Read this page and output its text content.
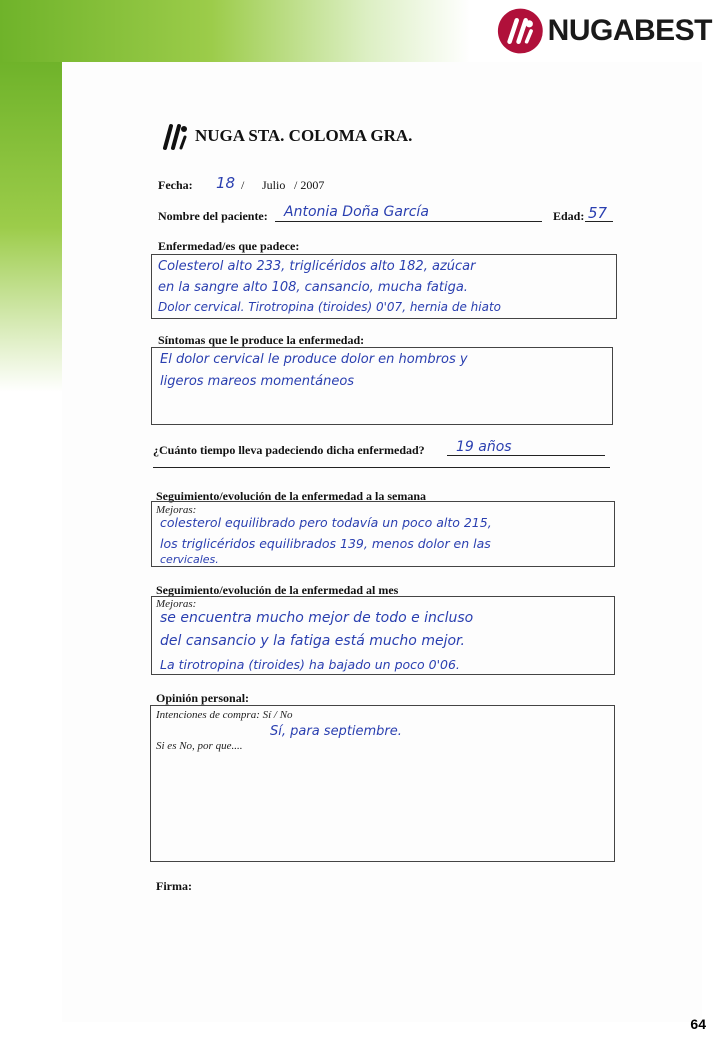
NUGABEST
NUGA STA. COLOMA GRA.
Fecha: 18 / Julio / 2007
Nombre del paciente: Antonia Doña García	Edad: 57
Enfermedad/es que padece:
Colesterol alto 233, triglicéridos alto 182, azúcar
en la sangre alto 108, cansancio, mucha fatiga.
Dolor cervical. Tirotropina (tiroides) 0'07, hernia de hiato
Síntomas que le produce la enfermedad:
El dolor cervical le produce dolor en hombros y
ligeros mareos momentáneos
¿Cuánto tiempo lleva padeciendo dicha enfermedad? 19 años
Seguimiento/evolución de la enfermedad a la semana
Mejoras:
colesterol equilibrado pero todavía un poco alto 215,
los triglicéridos equilibrados 139, menos dolor en las
cervicales.
Seguimiento/evolución de la enfermedad al mes
Mejoras:
se encuentra mucho mejor de todo e incluso
del cansancio y la fatiga está mucho mejor.
La tirotropina (tiroides) ha bajado un poco 0'06.
Opinión personal:
Intenciones de compra: Sí / No
Sí, para septiembre.
Si es No, por que....
Firma:
64
